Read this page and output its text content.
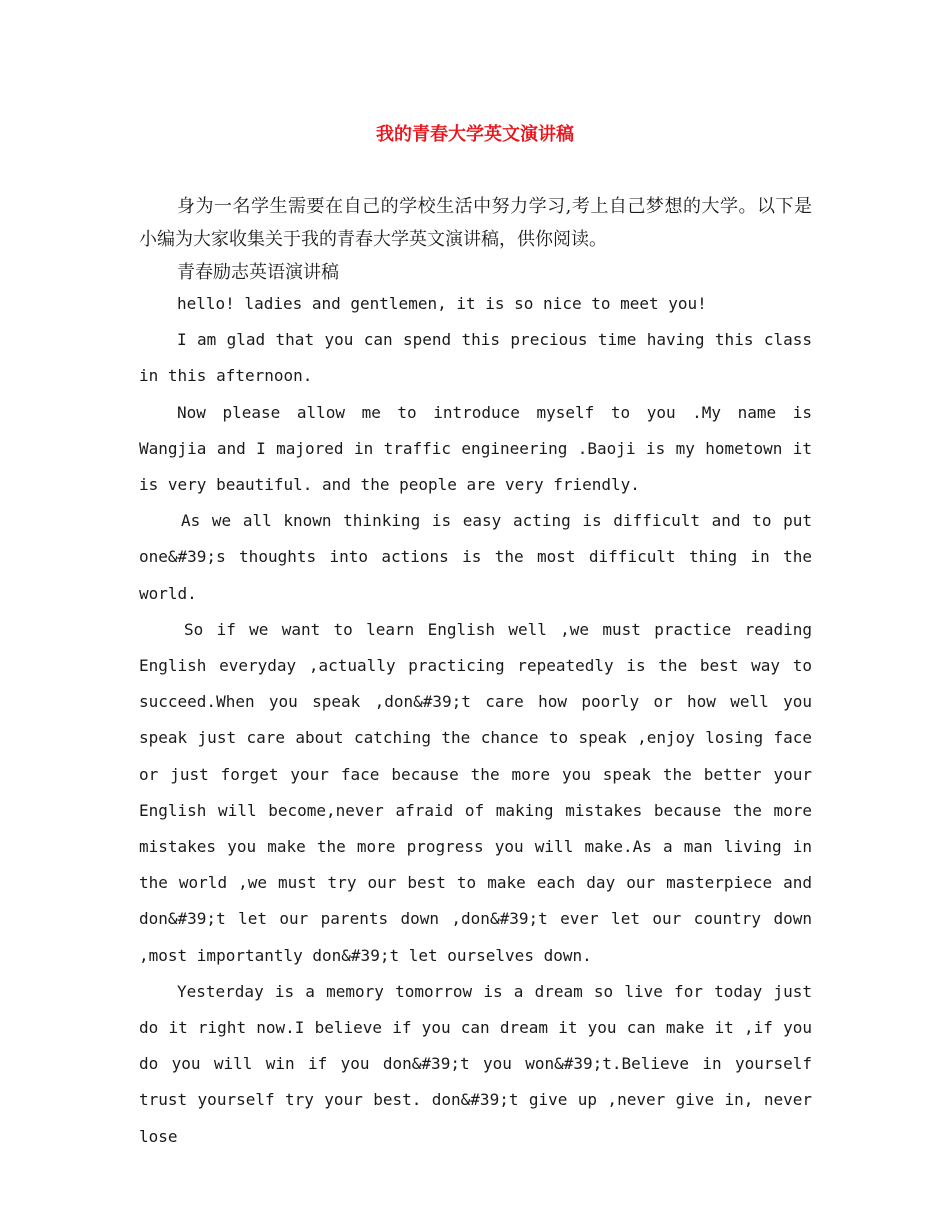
我的青春大学英文演讲稿

身为一名学生需要在自己的学校生活中努力学习,考上自己梦想的大学。以下是小编为大家收集关于我的青春大学英文演讲稿，供你阅读。

青春励志英语演讲稿

hello! ladies and gentlemen, it is so nice to meet you!

I am glad that you can spend this precious time having this class in this afternoon.

Now please allow me to introduce myself to you .My name is Wangjia and I majored in traffic engineering .Baoji is my hometown it is very beautiful. and the people are very friendly.

As we all known thinking is easy acting is difficult and to put one&#39;s thoughts into actions is the most difficult thing in the world.

So if we want to learn English well ,we must practice reading English everyday ,actually practicing repeatedly is the best way to succeed.When you speak ,don&#39;t care how poorly or how well you speak just care about catching the chance to speak ,enjoy losing face or just forget your face because the more you speak the better your English will become,never afraid of making mistakes because the more mistakes you make the more progress you will make.As a man living in the world ,we must try our best to make each day our masterpiece and don&#39;t let our parents down ,don&#39;t ever let our country down ,most importantly don&#39;t let ourselves down.

Yesterday is a memory tomorrow is a dream so live for today just do it right now.I believe if you can dream it you can make it ,if you do you will win if you don&#39;t you won&#39;t.Believe in yourself trust yourself try your best. don&#39;t give up ,never give in, never lose
